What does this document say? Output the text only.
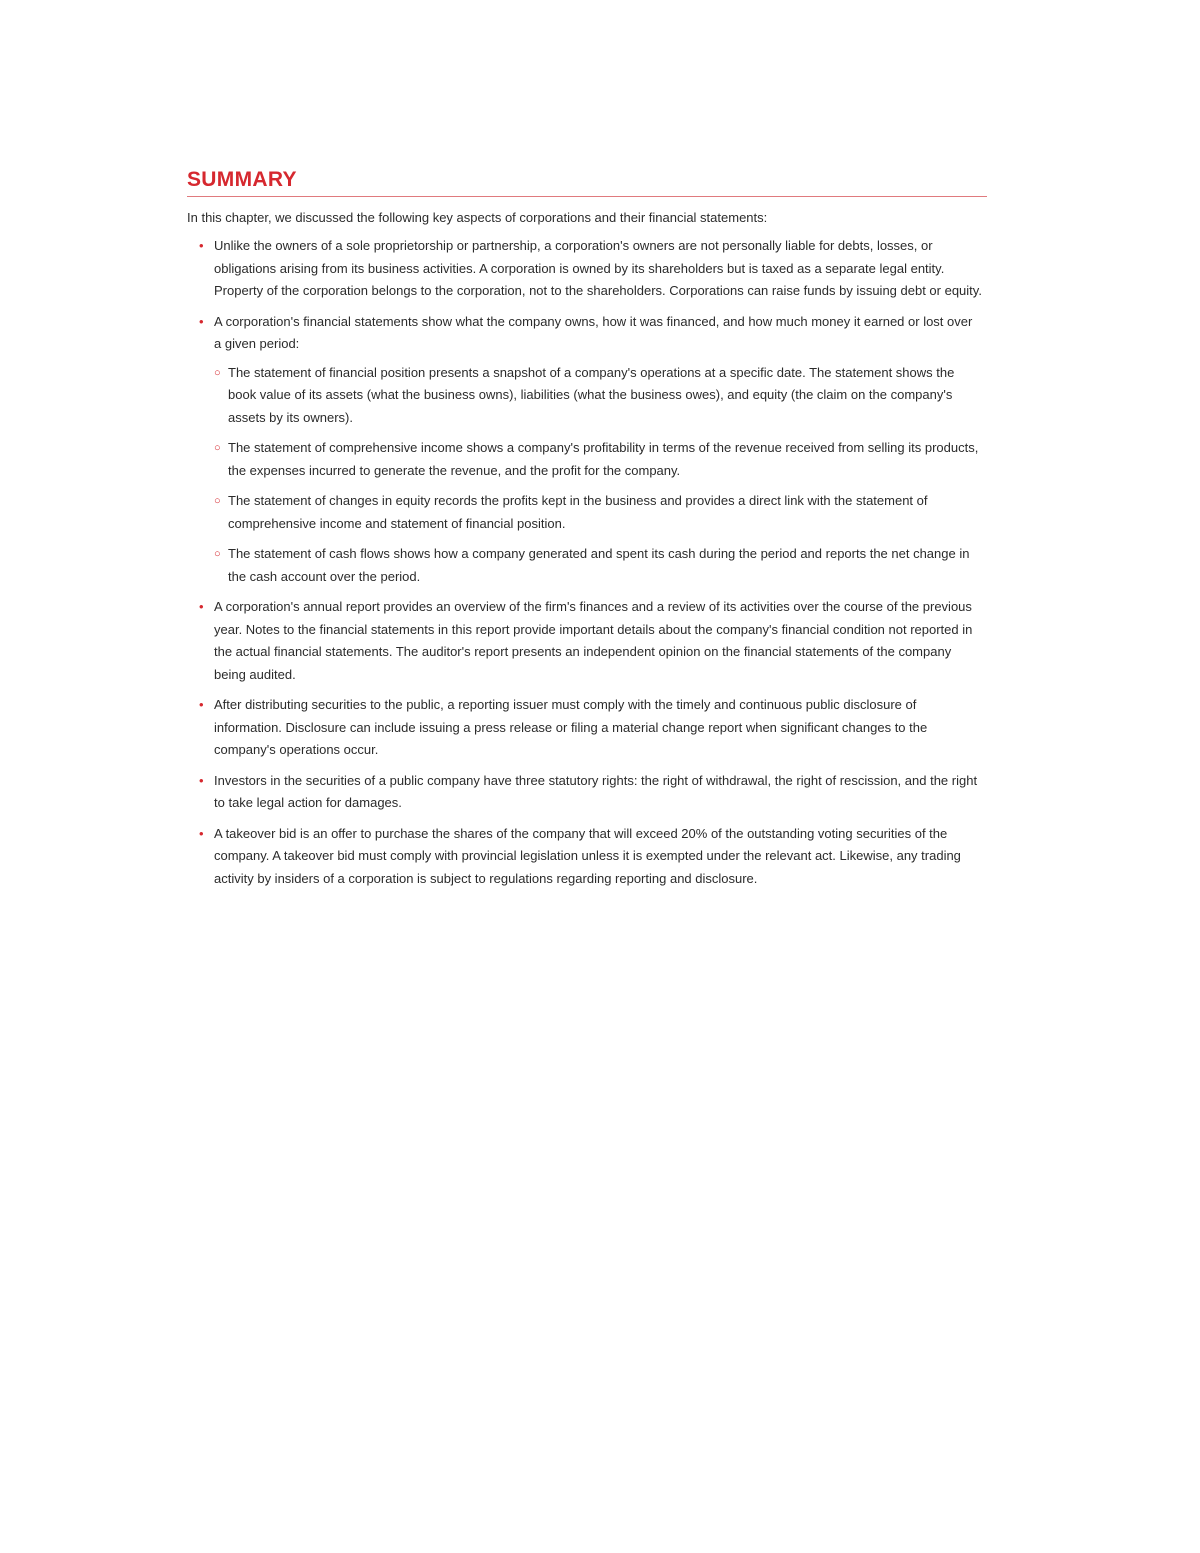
SUMMARY

In this chapter, we discussed the following key aspects of corporations and their financial statements:

• Unlike the owners of a sole proprietorship or partnership, a corporation's owners are not personally liable for debts, losses, or obligations arising from its business activities. A corporation is owned by its shareholders but is taxed as a separate legal entity. Property of the corporation belongs to the corporation, not to the shareholders. Corporations can raise funds by issuing debt or equity.
• A corporation's financial statements show what the company owns, how it was financed, and how much money it earned or lost over a given period:
○ The statement of financial position presents a snapshot of a company's operations at a specific date. The statement shows the book value of its assets (what the business owns), liabilities (what the business owes), and equity (the claim on the company's assets by its owners).
○ The statement of comprehensive income shows a company's profitability in terms of the revenue received from selling its products, the expenses incurred to generate the revenue, and the profit for the company.
○ The statement of changes in equity records the profits kept in the business and provides a direct link with the statement of comprehensive income and statement of financial position.
○ The statement of cash flows shows how a company generated and spent its cash during the period and reports the net change in the cash account over the period.
• A corporation's annual report provides an overview of the firm's finances and a review of its activities over the course of the previous year. Notes to the financial statements in this report provide important details about the company's financial condition not reported in the actual financial statements. The auditor's report presents an independent opinion on the financial statements of the company being audited.
• After distributing securities to the public, a reporting issuer must comply with the timely and continuous public disclosure of information. Disclosure can include issuing a press release or filing a material change report when significant changes to the company's operations occur.
• Investors in the securities of a public company have three statutory rights: the right of withdrawal, the right of rescission, and the right to take legal action for damages.
• A takeover bid is an offer to purchase the shares of the company that will exceed 20% of the outstanding voting securities of the company. A takeover bid must comply with provincial legislation unless it is exempted under the relevant act. Likewise, any trading activity by insiders of a corporation is subject to regulations regarding reporting and disclosure.
